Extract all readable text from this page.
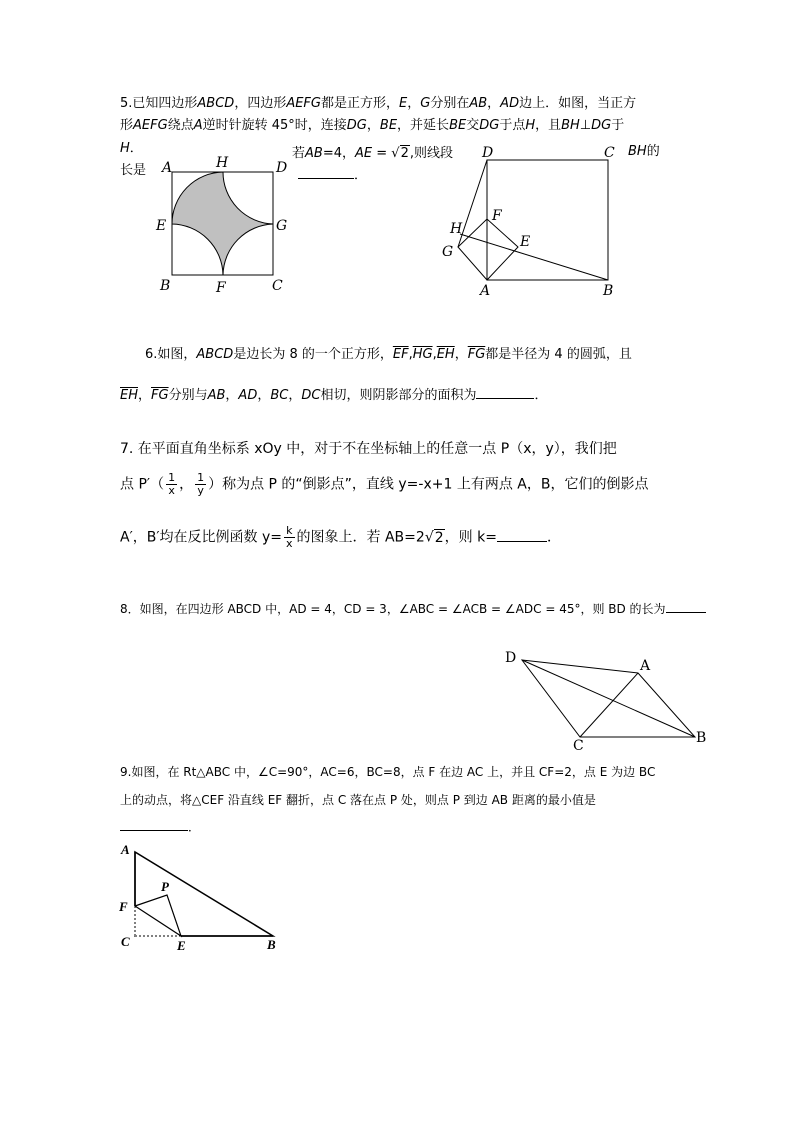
5.已知四边形ABCD，四边形AEFG都是正方形，E，G分别在AB，AD边上．如图，当正方
形AEFG绕点A逆时针旋转 45°时，连接DG，BE，并延长BE交DG于点H，且BH⊥DG于
H．	若AB=4，AE = √2,则线段	BH的
长是	．
A	H	D
E	G
B	F	C
D	C
F
H
E
G
A	B
6.如图，ABCD是边长为 8 的一个正方形，$\overline{EF},\overline{HG},\overline{EH}$，$\overline{FG}$都是半径为 4 的圆弧，且
$\overline{EH}$，$\overline{FG}$分别与AB，AD，BC，DC相切，则阴影部分的面积为	．
7. 在平面直角坐标系 xOy 中，对于不在坐标轴上的任意一点 P（x，y），我们把
点 $P'( \frac{1}{x}$ ， $\frac{1}{y}$ ）称为点 P 的“倒影点”，直线 y=-x+1 上有两点 A，B，它们的倒影点
A′，B′均在反比例函数 $y= \frac{k}{x}$ 的图象上．若 AB=2√2，则 k=	．
8．如图，在四边形 ABCD 中，AD = 4，CD = 3，∠ABC = ∠ACB = ∠ADC = 45°，则 BD 的长为
D	A
C	B
9.如图，在 Rt△ABC 中，∠C=90°，AC=6，BC=8，点 F 在边 AC 上，并且 CF=2，点 E 为边 BC
上的动点，将△CEF 沿直线 EF 翻折，点 C 落在点 P 处，则点 P 到边 AB 距离的最小值是
．
A
P
F
C	E	B
